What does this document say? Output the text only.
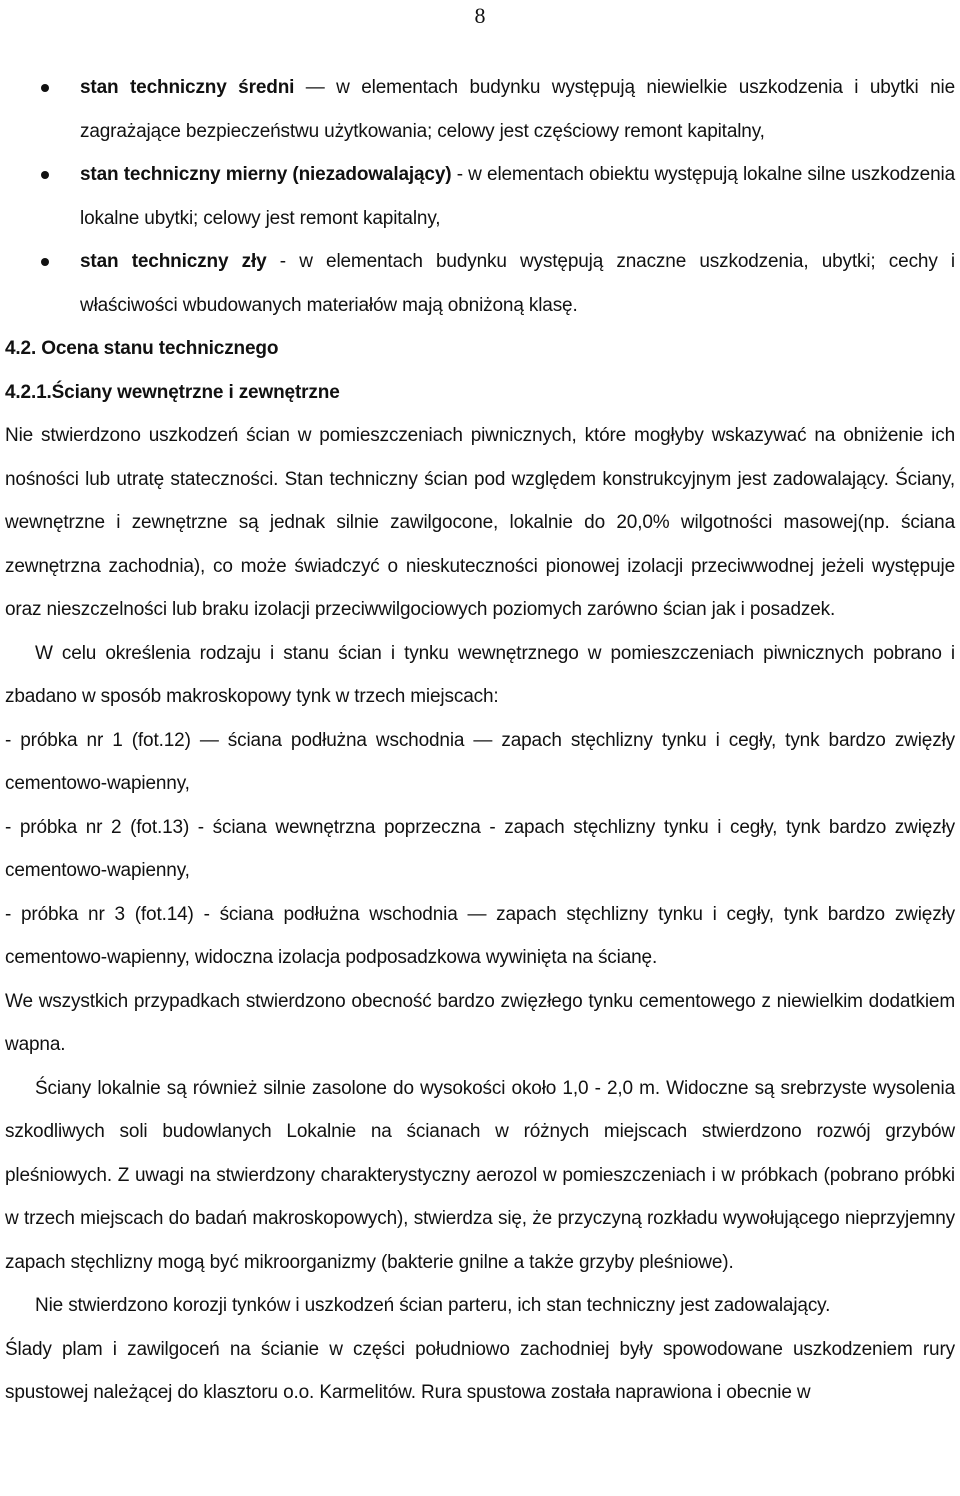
8
stan techniczny średni — w elementach budynku występują niewielkie uszkodzenia i ubytki nie zagrażające bezpieczeństwu użytkowania; celowy jest częściowy remont kapitalny,
stan techniczny mierny (niezadowalający) - w elementach obiektu występują lokalne silne uszkodzenia lokalne ubytki; celowy jest remont kapitalny,
stan techniczny zły - w elementach budynku występują znaczne uszkodzenia, ubytki; cechy i właściwości wbudowanych materiałów mają obniżoną klasę.
4.2. Ocena stanu technicznego
4.2.1.Ściany wewnętrzne i zewnętrzne

Nie stwierdzono uszkodzeń ścian w pomieszczeniach piwnicznych, które mogłyby wskazywać na obniżenie ich nośności lub utratę stateczności. Stan techniczny ścian pod względem konstrukcyjnym jest zadowalający. Ściany, wewnętrzne i zewnętrzne są jednak silnie zawilgocone, lokalnie do 20,0% wilgotności masowej(np. ściana zewnętrzna zachodnia), co może świadczyć o nieskuteczności pionowej izolacji przeciwwodnej jeżeli występuje oraz nieszczelności lub braku izolacji przeciwwilgociowych poziomych zarówno ścian jak i posadzek.

W celu określenia rodzaju i stanu ścian i tynku wewnętrznego w pomieszczeniach piwnicznych pobrano i zbadano w sposób makroskopowy tynk w trzech miejscach:

- próbka nr 1 (fot.12) — ściana podłużna wschodnia — zapach stęchlizny tynku i cegły, tynk bardzo zwięzły cementowo-wapienny,

- próbka nr 2 (fot.13) - ściana wewnętrzna poprzeczna - zapach stęchlizny tynku i cegły, tynk bardzo zwięzły cementowo-wapienny,

- próbka nr 3 (fot.14) - ściana podłużna wschodnia — zapach stęchlizny tynku i cegły, tynk bardzo zwięzły cementowo-wapienny, widoczna izolacja podposadzkowa wywinięta na ścianę.

We wszystkich przypadkach stwierdzono obecność bardzo zwięzłego tynku cementowego z niewielkim dodatkiem wapna.

Ściany lokalnie są również silnie zasolone do wysokości około 1,0 - 2,0 m. Widoczne są srebrzyste wysolenia szkodliwych soli budowlanych Lokalnie na ścianach w różnych miejscach stwierdzono rozwój grzybów pleśniowych. Z uwagi na stwierdzony charakterystyczny aerozol w pomieszczeniach i w próbkach (pobrano próbki w trzech miejscach do badań makroskopowych), stwierdza się, że przyczyną rozkładu wywołującego nieprzyjemny zapach stęchlizny mogą być mikroorganizmy (bakterie gnilne a także grzyby pleśniowe).

Nie stwierdzono korozji tynków i uszkodzeń ścian parteru, ich stan techniczny jest zadowalający.

Ślady plam i zawilgoceń na ścianie w części południowo zachodniej były spowodowane uszkodzeniem rury spustowej należącej do klasztoru o.o. Karmelitów. Rura spustowa została naprawiona i obecnie w
